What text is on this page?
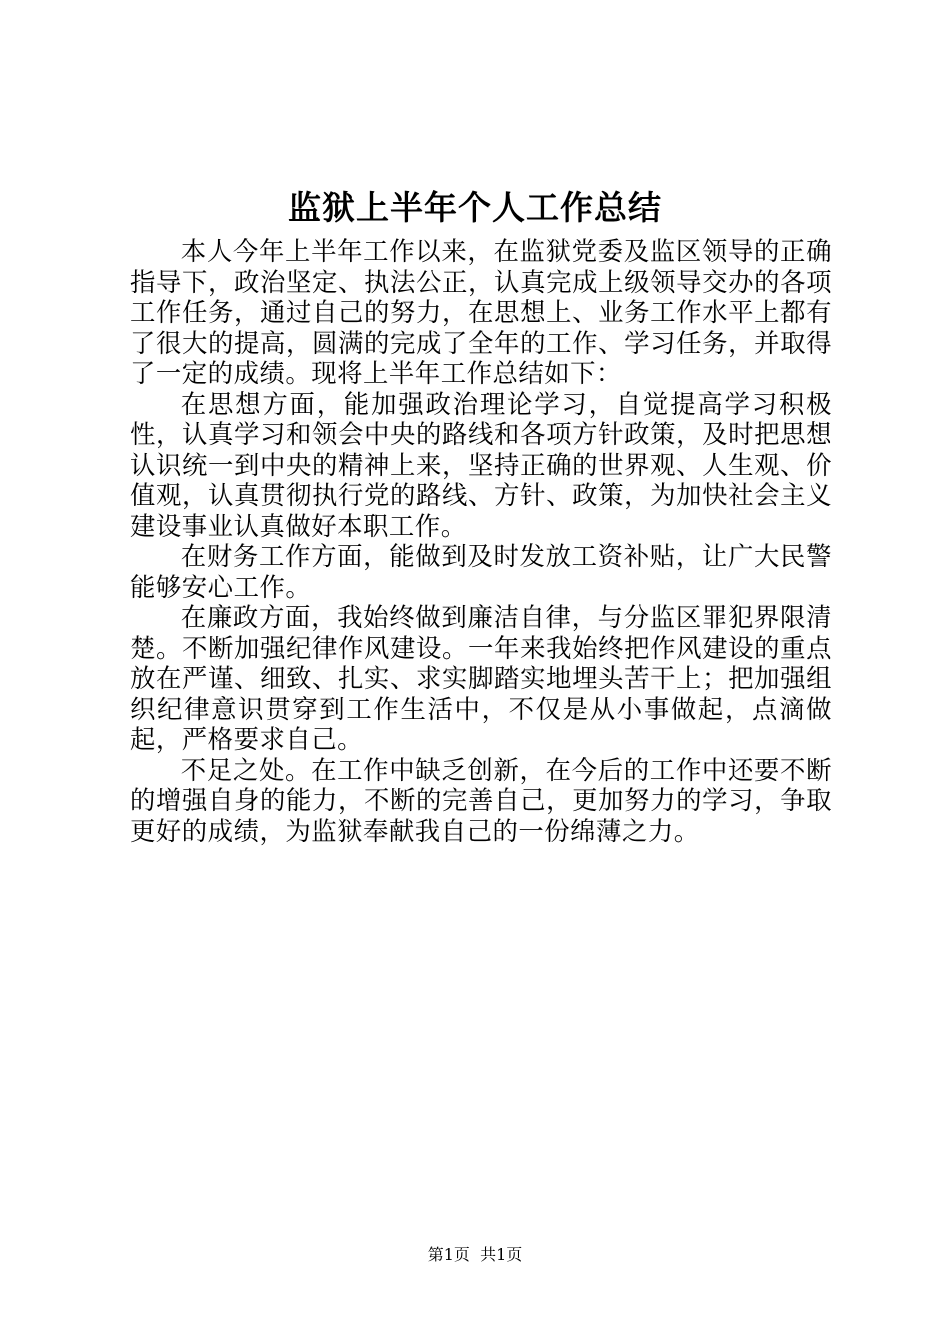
监狱上半年个人工作总结

本人今年上半年工作以来，在监狱党委及监区领导的正确指导下，政治坚定、执法公正，认真完成上级领导交办的各项工作任务，通过自己的努力，在思想上、业务工作水平上都有了很大的提高，圆满的完成了全年的工作、学习任务，并取得了一定的成绩。现将上半年工作总结如下：

在思想方面，能加强政治理论学习，自觉提高学习积极性，认真学习和领会中央的路线和各项方针政策，及时把思想认识统一到中央的精神上来，坚持正确的世界观、人生观、价值观，认真贯彻执行党的路线、方针、政策，为加快社会主义建设事业认真做好本职工作。

在财务工作方面，能做到及时发放工资补贴，让广大民警能够安心工作。

在廉政方面，我始终做到廉洁自律，与分监区罪犯界限清楚。不断加强纪律作风建设。一年来我始终把作风建设的重点放在严谨、细致、扎实、求实脚踏实地埋头苦干上；把加强组织纪律意识贯穿到工作生活中，不仅是从小事做起，点滴做起，严格要求自己。

不足之处。在工作中缺乏创新，在今后的工作中还要不断的增强自身的能力，不断的完善自己，更加努力的学习，争取更好的成绩，为监狱奉献我自己的一份绵薄之力。

第1页  共1页
